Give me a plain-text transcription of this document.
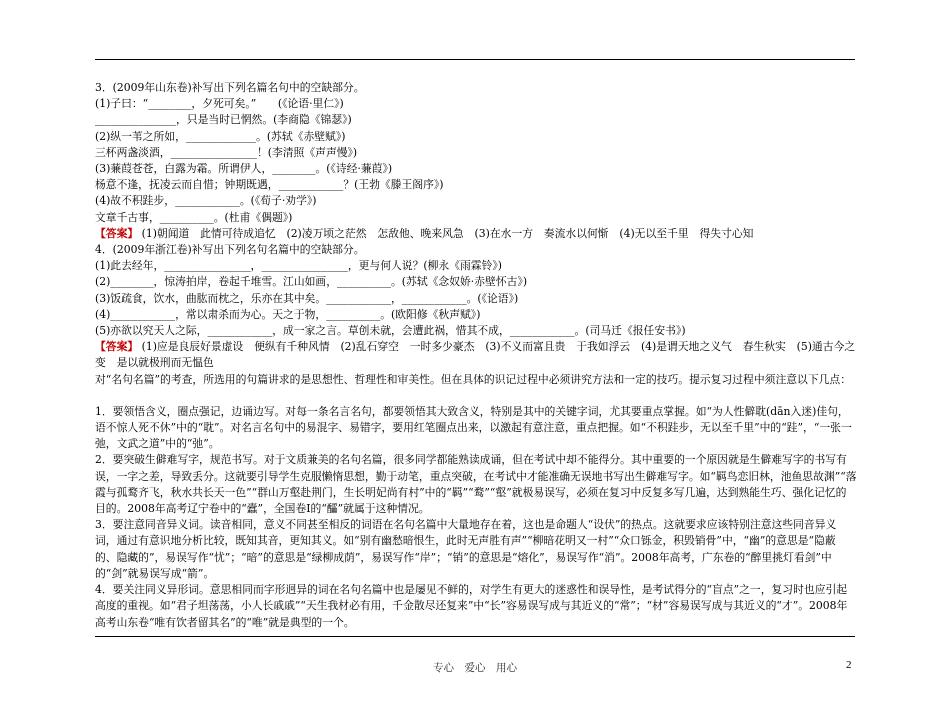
3．(2009年山东卷)补写出下列名篇名句中的空缺部分。
(1)子曰：“________，夕死可矣。”　　(《论语·里仁》)
_______________，只是当时已惘然。(李商隐《锦瑟》)
(2)纵一苇之所如，_____________。(苏轼《赤壁赋》)
三杯两盏淡酒，________________！(李清照《声声慢》)
(3)蒹葭苍苍，白露为霜。所谓伊人，________。(《诗经·蒹葭》)
杨意不逢，抚凌云而自惜；钟期既遇，____________？(王勃《滕王阁序》)
(4)故不积跬步，____________。(《荀子·劝学》)
文章千古事，__________。(杜甫《偶题》)
【答案】 (1)朝闻道　此情可待成追忆　(2)凌万顷之茫然　怎敌他、晚来风急　(3)在水一方　奏流水以何惭　(4)无以至千里　得失寸心知
4．(2009年浙江卷)补写出下列名句名篇中的空缺部分。
(1)此去经年，________________，________________，更与何人说？(柳永《雨霖铃》)
(2)________，惊涛拍岸，卷起千堆雪。江山如画，__________。(苏轼《念奴娇·赤壁怀古》)
(3)饭疏食，饮水，曲肱而枕之，乐亦在其中矣。____________，____________。(《论语》)
(4)____________，常以肃杀而为心。天之于物，__________。(欧阳修《秋声赋》)
(5)亦欲以究天人之际，____________，成一家之言。草创未就，会遭此祸，惜其不成，____________。(司马迁《报任安书》)
【答案】 (1)应是良辰好景虚设　便纵有千种风情　(2)乱石穿空　一时多少豪杰　(3)不义而富且贵　于我如浮云　(4)是谓天地之义气　春生秋实　(5)通古今之变　是以就极刑而无愠色
对“名句名篇”的考查，所选用的句篇讲求的是思想性、哲理性和审美性。但在具体的识记过程中必须讲究方法和一定的技巧。提示复习过程中须注意以下几点：
1．要领悟含义，圈点强记，边诵边写。对每一条名言名句，都要领悟其大致含义，特别是其中的关键字词，尤其要重点掌握。如“为人性僻耽(dān入迷)佳句，语不惊人死不休”中的“耽”。对名言名句中的易混字、易错字，要用红笔圈点出来，以激起有意注意，重点把握。如“不积跬步，无以至千里”中的“跬”，“一张一弛，文武之道”中的“弛”。
2．要突破生僻难写字，规范书写。对于文质兼美的名句名篇，很多同学都能熟读成诵，但在考试中却不能得分。其中重要的一个原因就是生僻难写字的书写有误，一字之差，导致丢分。这就要引导学生克服懒惰思想，勤于动笔，重点突破，在考试中才能准确无误地书写出生僻难写字。如“羁鸟恋旧林，池鱼思故渊”“落霞与孤鹜齐飞，秋水共长天一色”“群山万壑赴荆门，生长明妃尚有村”中的“羁”“鹜”“壑”就极易误写，必须在复习中反复多写几遍，达到熟能生巧、强化记忆的目的。2008年高考辽宁卷中的“蠹”，全国卷Ⅰ的“醽”就属于这种情况。
3．要注意同音异义词。读音相同，意义不同甚至相反的词语在名句名篇中大量地存在着，这也是命题人“设伏”的热点。这就要求应该特别注意这些同音异义词，通过有意识地分析比较，既知其音，更知其义。如“别有幽愁暗恨生，此时无声胜有声”“柳暗花明又一村”“众口铄金，积毁销骨”中，“幽”的意思是“隐蔽的、隐藏的”，易误写作“忧”；“暗”的意思是“绿柳成荫”，易误写作“岸”；“销”的意思是“熔化”，易误写作“消”。2008年高考，广东卷的“醉里挑灯看剑”中的“剑”就易误写成“箭”。
4．要关注同义异形词。意思相同而字形迥异的词在名句名篇中也是屡见不鲜的，对学生有更大的迷惑性和误导性，是考试得分的“盲点”之一，复习时也应引起高度的重视。如“君子坦荡荡，小人长戚戚”“天生我材必有用，千金散尽还复来”中“长”容易误写成与其近义的“常”；“材”容易误写成与其近义的“才”。2008年高考山东卷“唯有饮者留其名”的“唯”就是典型的一个。
专心　爱心　用心	2
